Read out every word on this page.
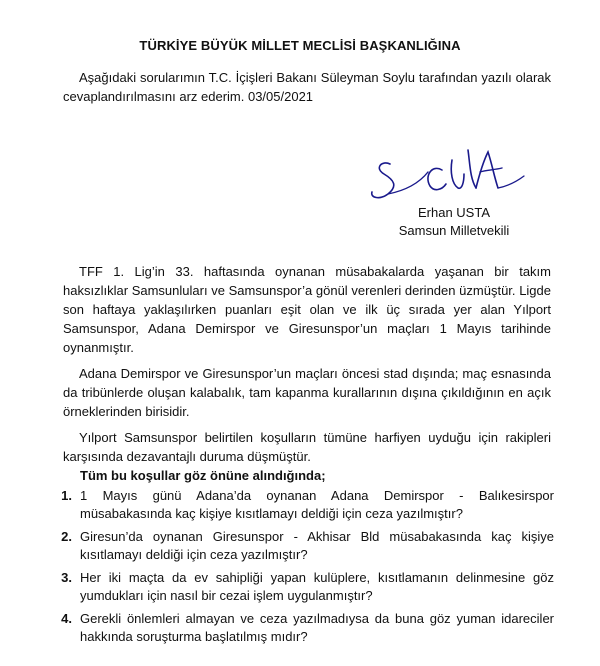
TÜRKİYE BÜYÜK MİLLET MECLİSİ BAŞKANLIĞINA
Aşağıdaki sorularımın T.C. İçişleri Bakanı Süleyman Soylu tarafından yazılı olarak cevaplandırılmasını arz ederim. 03/05/2021
Erhan USTA
Samsun Milletvekili

TFF 1. Lig’in 33. haftasında oynanan müsabakalarda yaşanan bir takım haksızlıklar Samsunluları ve Samsunspor’a gönül verenleri derinden üzmüştür. Ligde son haftaya yaklaşılırken puanları eşit olan ve ilk üç sırada yer alan Yılport Samsunspor, Adana Demirspor ve Giresunspor’un maçları 1 Mayıs tarihinde oynanmıştır.

Adana Demirspor ve Giresunspor’un maçları öncesi stad dışında; maç esnasında da tribünlerde oluşan kalabalık, tam kapanma kurallarının dışına çıkıldığının en açık örneklerinden birisidir.

Yılport Samsunspor belirtilen koşulların tümüne harfiyen uyduğu için rakipleri karşısında dezavantajlı duruma düşmüştür.

Tüm bu koşullar göz önüne alındığında;
1. 1 Mayıs günü Adana’da oynanan Adana Demirspor - Balıkesirspor müsabakasında kaç kişiye kısıtlamayı deldiği için ceza yazılmıştır?
2. Giresun’da oynanan Giresunspor - Akhisar Bld müsabakasında kaç kişiye kısıtlamayı deldiği için ceza yazılmıştır?
3. Her iki maçta da ev sahipliği yapan kulüplere, kısıtlamanın delinmesine göz yumdukları için nasıl bir cezai işlem uygulanmıştır?
4. Gerekli önlemleri almayan ve ceza yazılmadıysa da buna göz yuman idareciler hakkında soruşturma başlatılmış mıdır?
